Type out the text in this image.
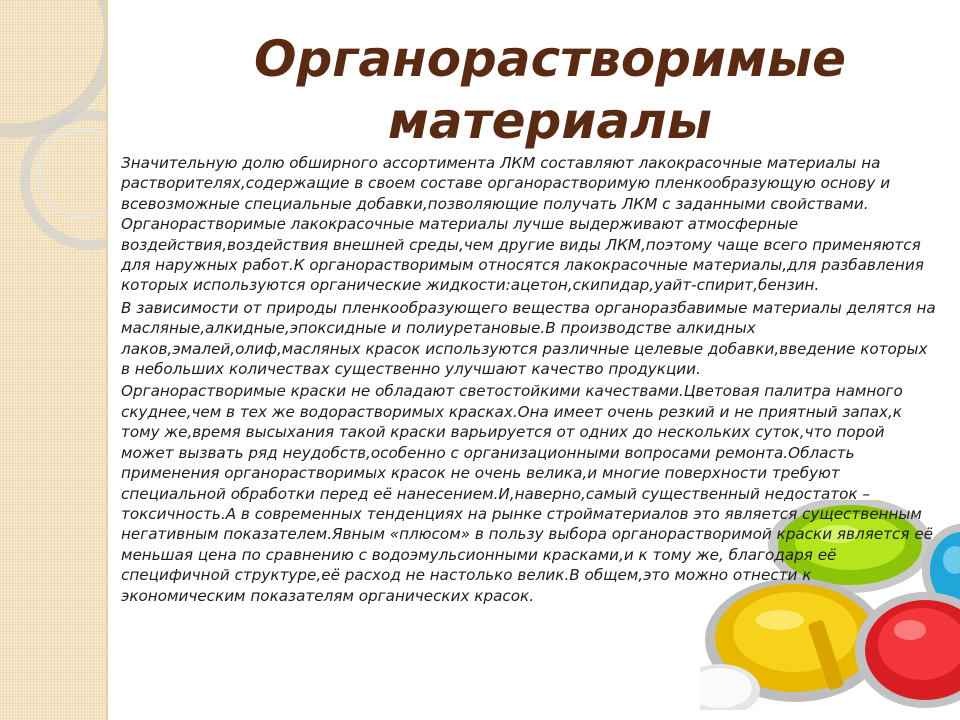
Органорастворимые
материалы

Значительную долю обширного ассортимента ЛКМ составляют лакокрасочные материалы на растворителях,содержащие в своем составе органорастворимую пленкообразующую основу и всевозможные специальные добавки,позволяющие получать ЛКМ с заданными свойствами. Органорастворимые лакокрасочные материалы лучше выдерживают атмосферные воздействия,воздействия внешней среды,чем другие виды ЛКМ,поэтому чаще всего применяются для наружных работ.К органорастворимым относятся лакокрасочные материалы,для разбавления которых используются органические жидкости:ацетон,скипидар,уайт-спирит,бензин.

В зависимости от природы пленкообразующего вещества органоразбавимые материалы делятся на масляные,алкидные,эпоксидные и полиуретановые.В производстве алкидных лаков,эмалей,олиф,масляных красок используются различные целевые добавки,введение которых в небольших количествах существенно улучшают качество продукции.

Органорастворимые краски не обладают светостойкими качествами.Цветовая палитра намного скуднее,чем в тех же водорастворимых красках.Она имеет очень резкий и не приятный запах,к тому же,время высыхания такой краски варьируется от одних до нескольких суток,что порой может вызвать ряд неудобств,особенно с организационными вопросами ремонта.Область применения органорастворимых красок не очень велика,и многие поверхности требуют специальной обработки перед её нанесением.И,наверно,самый существенный недостаток – токсичность.А в современных тенденциях на рынке стройматериалов это является существенным негативным показателем.Явным «плюсом» в пользу выбора органорастворимой краски является её меньшая цена по сравнению с водоэмульсионными красками,и к тому же, благодаря её специфичной структуре,её расход не настолько велик.В общем,это можно отнести к экономическим показателям органических красок.
